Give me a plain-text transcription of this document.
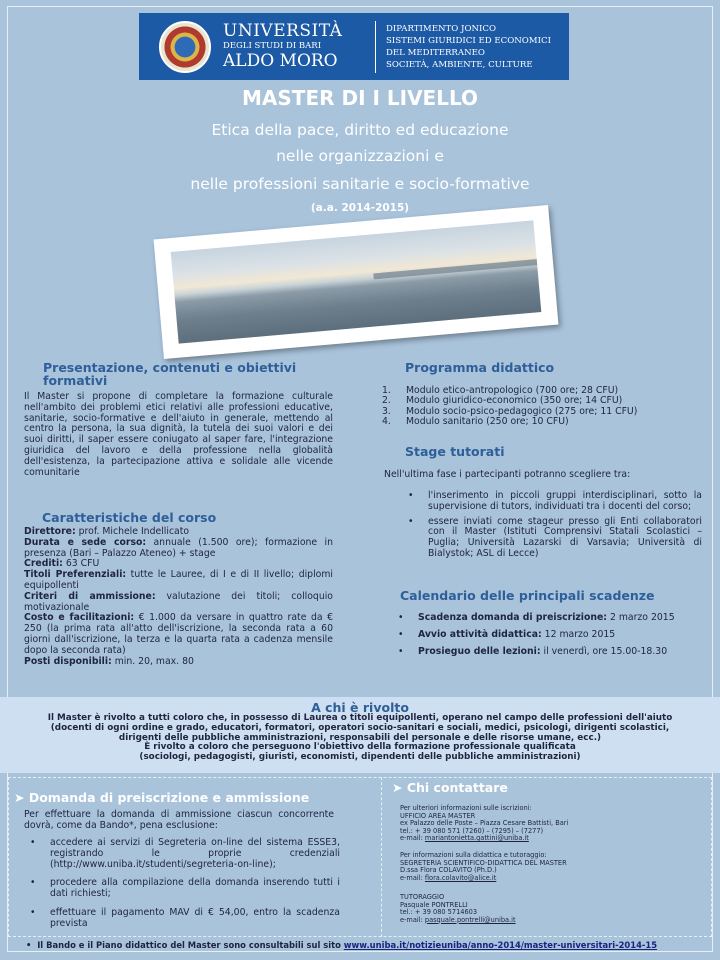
UNIVERSITÀ
DEGLI STUDI DI BARI
ALDO MORO
DIPARTIMENTO JONICO
SISTEMI GIURIDICI ED ECONOMICI
DEL MEDITERRANEO
SOCIETÀ, AMBIENTE, CULTURE
MASTER DI I LIVELLO
Etica della pace, diritto ed educazione
nelle organizzazioni e
nelle professioni sanitarie e socio-formative
(a.a. 2014-2015)
Presentazione, contenuti e obiettivi
formativi
Il Master si propone di completare la formazione culturale nell'ambito dei problemi etici relativi alle professioni educative, sanitarie, socio-formative e dell'aiuto in generale, mettendo al centro la persona, la sua dignità, la tutela dei suoi valori e dei suoi diritti, il saper essere coniugato al saper fare, l'integrazione giuridica del lavoro e della professione nella globalità dell'esistenza, la partecipazione attiva e solidale alle vicende comunitarie
Caratteristiche del corso
Direttore: prof. Michele Indellicato
Durata e sede corso: annuale (1.500 ore); formazione in presenza (Bari – Palazzo Ateneo) + stage
Crediti: 63 CFU
Titoli Preferenziali: tutte le Lauree, di I e di II livello; diplomi equipollenti
Criteri di ammissione: valutazione dei titoli; colloquio motivazionale
Costo e facilitazioni: € 1.000 da versare in quattro rate da € 250 (la prima rata all'atto dell'iscrizione, la seconda rata a 60 giorni dall'iscrizione, la terza e la quarta rata a cadenza mensile dopo la seconda rata)
Posti disponibili: min. 20, max. 80
Programma didattico
1. Modulo etico-antropologico (700 ore; 28 CFU)
2. Modulo giuridico-economico (350 ore; 14 CFU)
3. Modulo socio-psico-pedagogico (275 ore; 11 CFU)
4. Modulo sanitario (250 ore; 10 CFU)
Stage tutorati
Nell'ultima fase i partecipanti potranno scegliere tra:
• l'inserimento in piccoli gruppi interdisciplinari, sotto la supervisione di tutors, individuati tra i docenti del corso;
• essere inviati come stageur presso gli Enti collaboratori con il Master (Istituti Comprensivi Statali Scolastici – Puglia; Università Lazarski di Varsavia; Università di Bialystok; ASL di Lecce)
Calendario delle principali scadenze
• Scadenza domanda di preiscrizione: 2 marzo 2015
• Avvio attività didattica: 12 marzo 2015
• Prosieguo delle lezioni: il venerdì, ore 15.00-18.30
A chi è rivolto
Il Master è rivolto a tutti coloro che, in possesso di Laurea o titoli equipollenti, operano nel campo delle professioni dell'aiuto
(docenti di ogni ordine e grado, educatori, formatori, operatori socio-sanitari e sociali, medici, psicologi, dirigenti scolastici,
dirigenti delle pubbliche amministrazioni, responsabili del personale e delle risorse umane, ecc.)
È rivolto a coloro che perseguono l'obiettivo della formazione professionale qualificata
(sociologi, pedagogisti, giuristi, economisti, dipendenti delle pubbliche amministrazioni)
➤ Domanda di preiscrizione e ammissione
Per effettuare la domanda di ammissione ciascun concorrente dovrà, come da Bando*, pena esclusione:
• accedere ai servizi di Segreteria on-line del sistema ESSE3, registrando le proprie credenziali (http://www.uniba.it/studenti/segreteria-on-line);
• procedere alla compilazione della domanda inserendo tutti i dati richiesti;
• effettuare il pagamento MAV di € 54,00, entro la scadenza prevista
➤ Chi contattare
Per ulteriori informazioni sulle iscrizioni:
UFFICIO AREA MASTER
ex Palazzo delle Poste – Piazza Cesare Battisti, Bari
tel.: + 39 080 571 (7260) – (7295) – (7277)
e-mail: mariantonietta.gattini@uniba.it
Per informazioni sulla didattica e tutoraggio:
SEGRETERIA SCIENTIFICO-DIDATTICA DEL MASTER
D.ssa Flora COLAVITO (Ph.D.)
e-mail: flora.colavito@alice.it
TUTORAGGIO
Pasquale PONTRELLI
tel.: + 39 080 5714603
e-mail: pasquale.pontrelli@uniba.it
•  Il Bando e il Piano didattico del Master sono consultabili sul sito www.uniba.it/notizieuniba/anno-2014/master-universitari-2014-15
